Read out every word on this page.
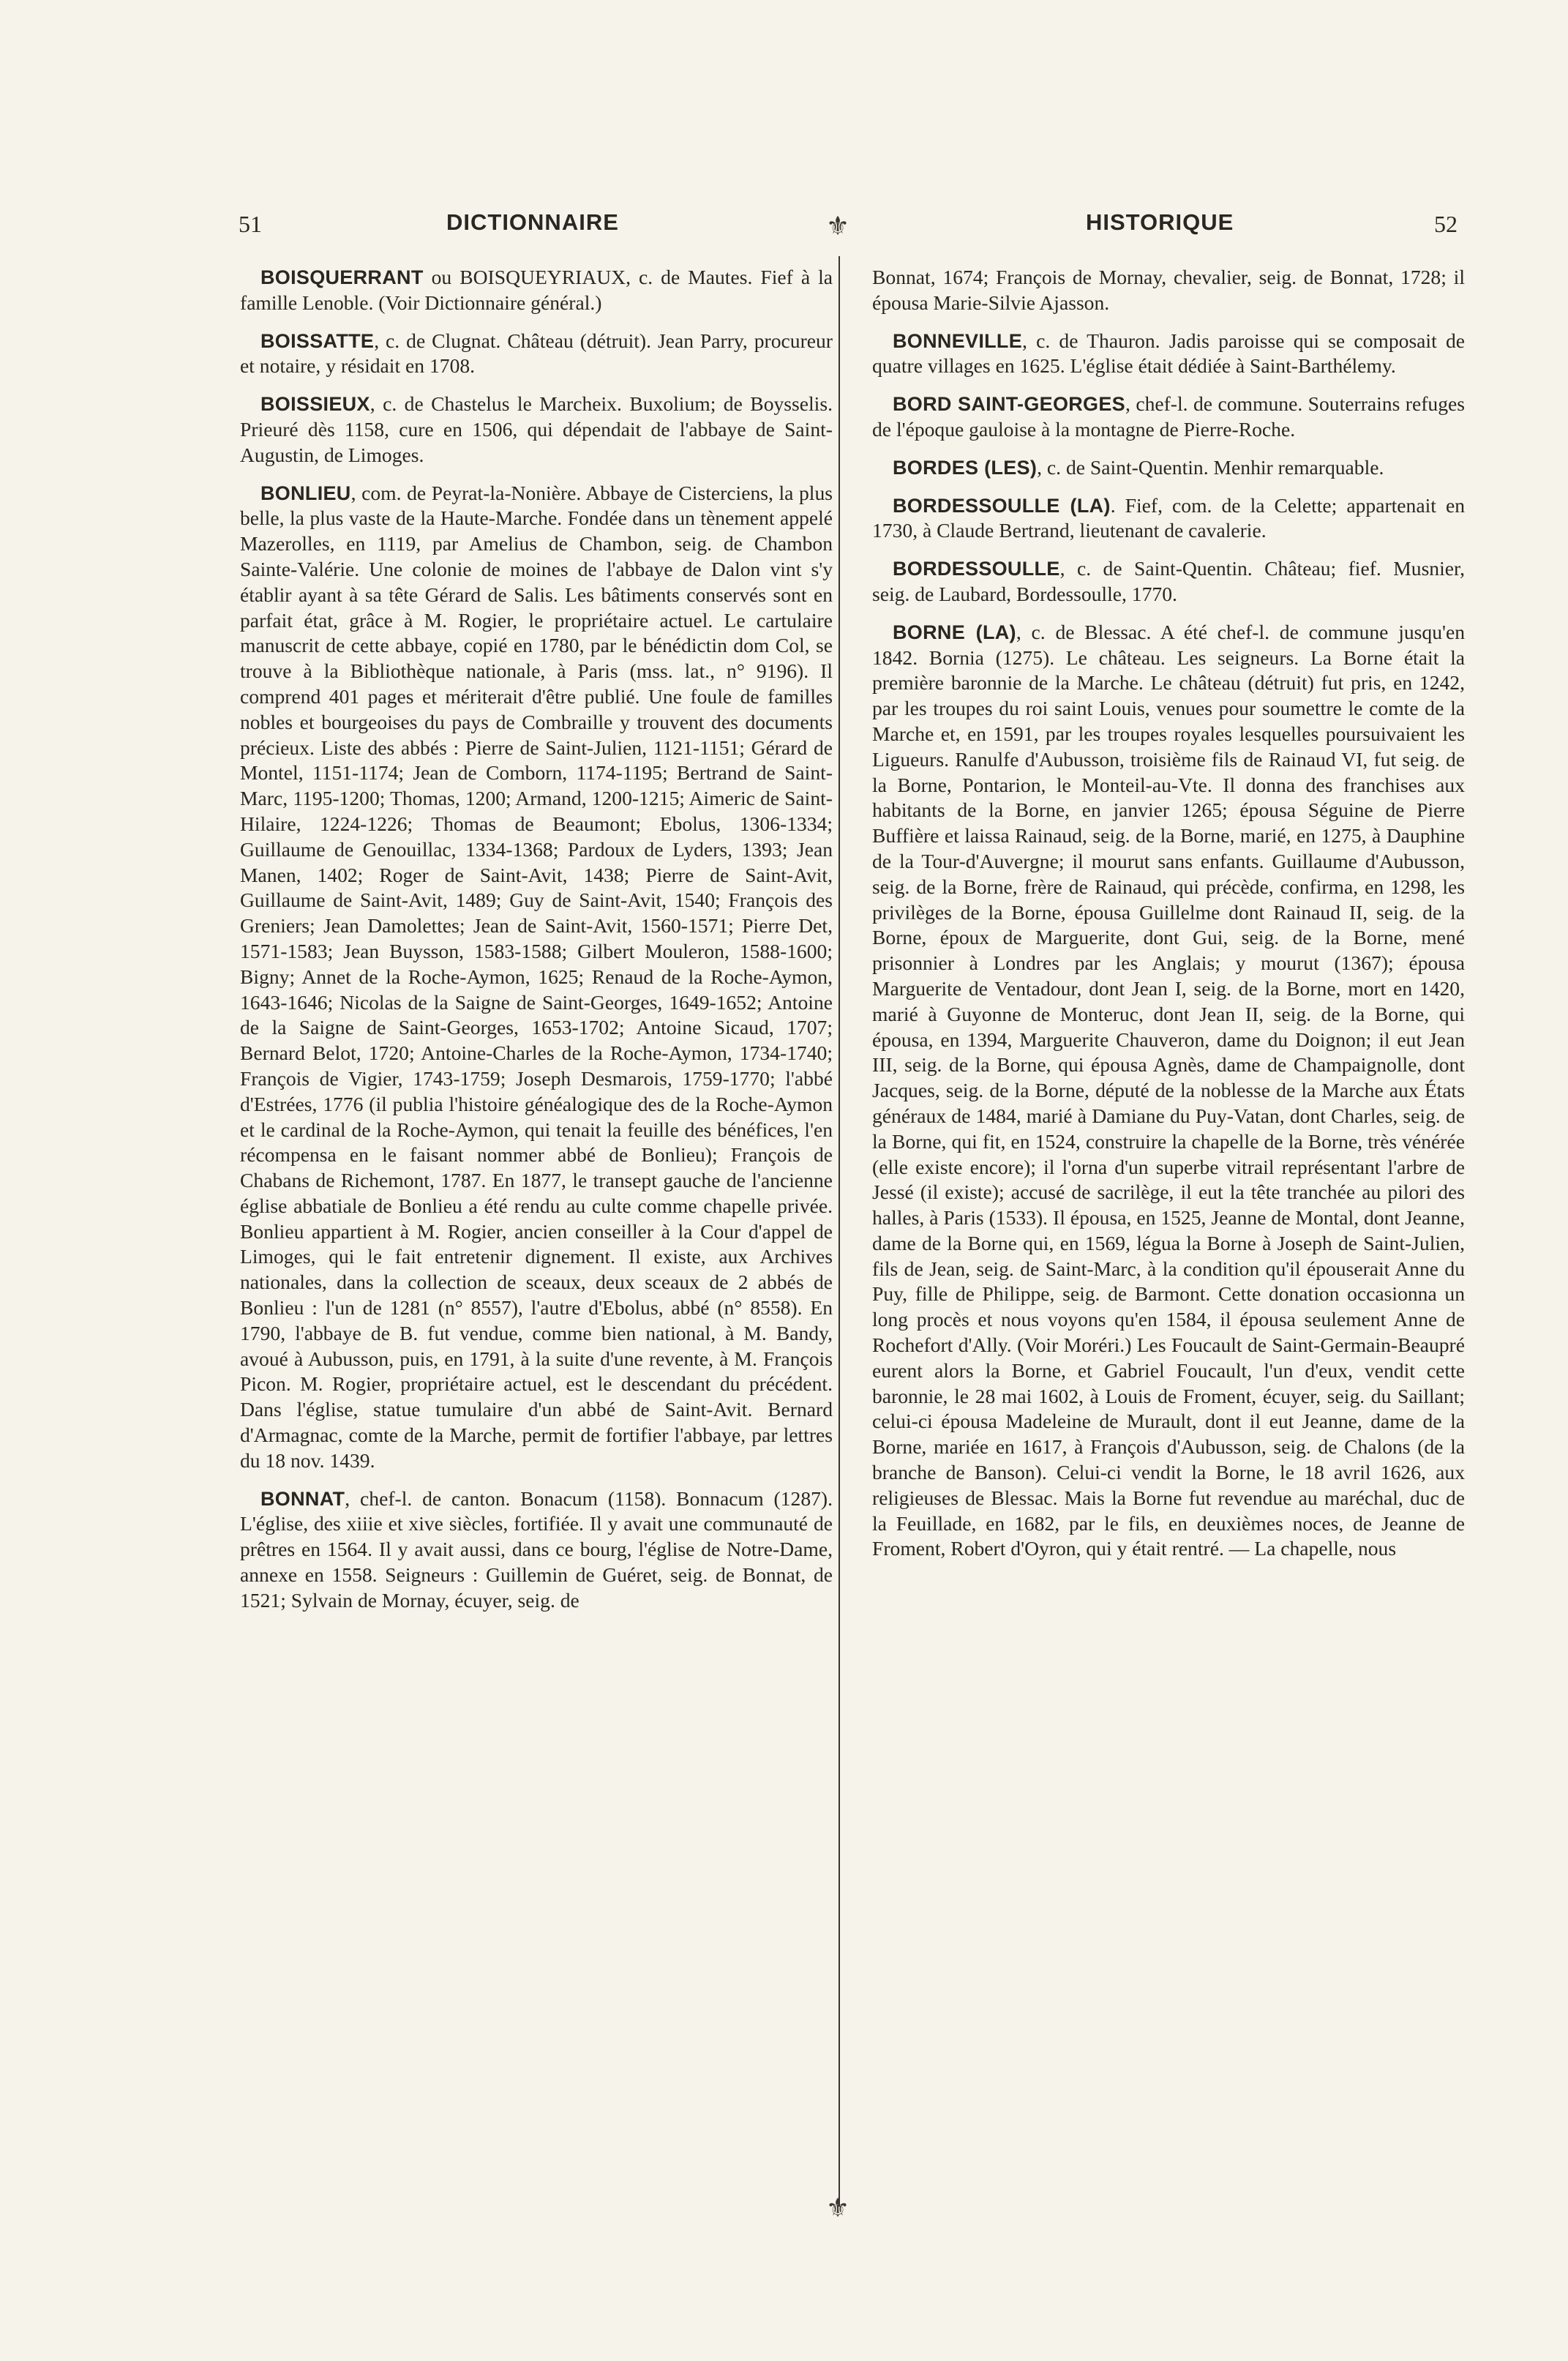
51	DICTIONNAIRE	⚜	HISTORIQUE	52
⚜

BOISQUERRANT ou BOISQUEYRIAUX, c. de Mautes. Fief à la famille Lenoble. (Voir Dictionnaire général.)

BOISSATTE, c. de Clugnat. Château (détruit). Jean Parry, procureur et notaire, y résidait en 1708.

BOISSIEUX, c. de Chastelus le Marcheix. Buxolium; de Boysselis. Prieuré dès 1158, cure en 1506, qui dépendait de l'abbaye de Saint-Augustin, de Limoges.

BONLIEU, com. de Peyrat-la-Nonière. Abbaye de Cisterciens, la plus belle, la plus vaste de la Haute-Marche. Fondée dans un tènement appelé Mazerolles, en 1119, par Amelius de Chambon, seig. de Chambon Sainte-Valérie. Une colonie de moines de l'abbaye de Dalon vint s'y établir ayant à sa tête Gérard de Salis. Les bâtiments conservés sont en parfait état, grâce à M. Rogier, le propriétaire actuel. Le cartulaire manuscrit de cette abbaye, copié en 1780, par le bénédictin dom Col, se trouve à la Bibliothèque nationale, à Paris (mss. lat., n° 9196). Il comprend 401 pages et mériterait d'être publié. Une foule de familles nobles et bourgeoises du pays de Combraille y trouvent des documents précieux. Liste des abbés : Pierre de Saint-Julien, 1121-1151; Gérard de Montel, 1151-1174; Jean de Comborn, 1174-1195; Bertrand de Saint-Marc, 1195-1200; Thomas, 1200; Armand, 1200-1215; Aimeric de Saint-Hilaire, 1224-1226; Thomas de Beaumont; Ebolus, 1306-1334; Guillaume de Genouillac, 1334-1368; Pardoux de Lyders, 1393; Jean Manen, 1402; Roger de Saint-Avit, 1438; Pierre de Saint-Avit, Guillaume de Saint-Avit, 1489; Guy de Saint-Avit, 1540; François des Greniers; Jean Damolettes; Jean de Saint-Avit, 1560-1571; Pierre Det, 1571-1583; Jean Buysson, 1583-1588; Gilbert Mouleron, 1588-1600; Bigny; Annet de la Roche-Aymon, 1625; Renaud de la Roche-Aymon, 1643-1646; Nicolas de la Saigne de Saint-Georges, 1649-1652; Antoine de la Saigne de Saint-Georges, 1653-1702; Antoine Sicaud, 1707; Bernard Belot, 1720; Antoine-Charles de la Roche-Aymon, 1734-1740; François de Vigier, 1743-1759; Joseph Desmarois, 1759-1770; l'abbé d'Estrées, 1776 (il publia l'histoire généalogique des de la Roche-Aymon et le cardinal de la Roche-Aymon, qui tenait la feuille des bénéfices, l'en récompensa en le faisant nommer abbé de Bonlieu); François de Chabans de Richemont, 1787. En 1877, le transept gauche de l'ancienne église abbatiale de Bonlieu a été rendu au culte comme chapelle privée. Bonlieu appartient à M. Rogier, ancien conseiller à la Cour d'appel de Limoges, qui le fait entretenir dignement. Il existe, aux Archives nationales, dans la collection de sceaux, deux sceaux de 2 abbés de Bonlieu : l'un de 1281 (n° 8557), l'autre d'Ebolus, abbé (n° 8558). En 1790, l'abbaye de B. fut vendue, comme bien national, à M. Bandy, avoué à Aubusson, puis, en 1791, à la suite d'une revente, à M. François Picon. M. Rogier, propriétaire actuel, est le descendant du précédent. Dans l'église, statue tumulaire d'un abbé de Saint-Avit. Bernard d'Armagnac, comte de la Marche, permit de fortifier l'abbaye, par lettres du 18 nov. 1439.

BONNAT, chef-l. de canton. Bonacum (1158). Bonnacum (1287). L'église, des xiiie et xive siècles, fortifiée. Il y avait une communauté de prêtres en 1564. Il y avait aussi, dans ce bourg, l'église de Notre-Dame, annexe en 1558. Seigneurs : Guillemin de Guéret, seig. de Bonnat, de 1521; Sylvain de Mornay, écuyer, seig. de

Bonnat, 1674; François de Mornay, chevalier, seig. de Bonnat, 1728; il épousa Marie-Silvie Ajasson.

BONNEVILLE, c. de Thauron. Jadis paroisse qui se composait de quatre villages en 1625. L'église était dédiée à Saint-Barthélemy.

BORD SAINT-GEORGES, chef-l. de commune. Souterrains refuges de l'époque gauloise à la montagne de Pierre-Roche.

BORDES (LES), c. de Saint-Quentin. Menhir remarquable.

BORDESSOULLE (LA). Fief, com. de la Celette; appartenait en 1730, à Claude Bertrand, lieutenant de cavalerie.

BORDESSOULLE, c. de Saint-Quentin. Château; fief. Musnier, seig. de Laubard, Bordessoulle, 1770.

BORNE (LA), c. de Blessac. A été chef-l. de commune jusqu'en 1842. Bornia (1275). Le château. Les seigneurs. La Borne était la première baronnie de la Marche. Le château (détruit) fut pris, en 1242, par les troupes du roi saint Louis, venues pour soumettre le comte de la Marche et, en 1591, par les troupes royales lesquelles poursuivaient les Ligueurs. Ranulfe d'Aubusson, troisième fils de Rainaud VI, fut seig. de la Borne, Pontarion, le Monteil-au-Vte. Il donna des franchises aux habitants de la Borne, en janvier 1265; épousa Séguine de Pierre Buffière et laissa Rainaud, seig. de la Borne, marié, en 1275, à Dauphine de la Tour-d'Auvergne; il mourut sans enfants. Guillaume d'Aubusson, seig. de la Borne, frère de Rainaud, qui précède, confirma, en 1298, les privilèges de la Borne, épousa Guillelme dont Rainaud II, seig. de la Borne, époux de Marguerite, dont Gui, seig. de la Borne, mené prisonnier à Londres par les Anglais; y mourut (1367); épousa Marguerite de Ventadour, dont Jean I, seig. de la Borne, mort en 1420, marié à Guyonne de Monteruc, dont Jean II, seig. de la Borne, qui épousa, en 1394, Marguerite Chauveron, dame du Doignon; il eut Jean III, seig. de la Borne, qui épousa Agnès, dame de Champaignolle, dont Jacques, seig. de la Borne, député de la noblesse de la Marche aux États généraux de 1484, marié à Damiane du Puy-Vatan, dont Charles, seig. de la Borne, qui fit, en 1524, construire la chapelle de la Borne, très vénérée (elle existe encore); il l'orna d'un superbe vitrail représentant l'arbre de Jessé (il existe); accusé de sacrilège, il eut la tête tranchée au pilori des halles, à Paris (1533). Il épousa, en 1525, Jeanne de Montal, dont Jeanne, dame de la Borne qui, en 1569, légua la Borne à Joseph de Saint-Julien, fils de Jean, seig. de Saint-Marc, à la condition qu'il épouserait Anne du Puy, fille de Philippe, seig. de Barmont. Cette donation occasionna un long procès et nous voyons qu'en 1584, il épousa seulement Anne de Rochefort d'Ally. (Voir Moréri.) Les Foucault de Saint-Germain-Beaupré eurent alors la Borne, et Gabriel Foucault, l'un d'eux, vendit cette baronnie, le 28 mai 1602, à Louis de Froment, écuyer, seig. du Saillant; celui-ci épousa Madeleine de Murault, dont il eut Jeanne, dame de la Borne, mariée en 1617, à François d'Aubusson, seig. de Chalons (de la branche de Banson). Celui-ci vendit la Borne, le 18 avril 1626, aux religieuses de Blessac. Mais la Borne fut revendue au maréchal, duc de la Feuillade, en 1682, par le fils, en deuxièmes noces, de Jeanne de Froment, Robert d'Oyron, qui y était rentré. — La chapelle, nous
